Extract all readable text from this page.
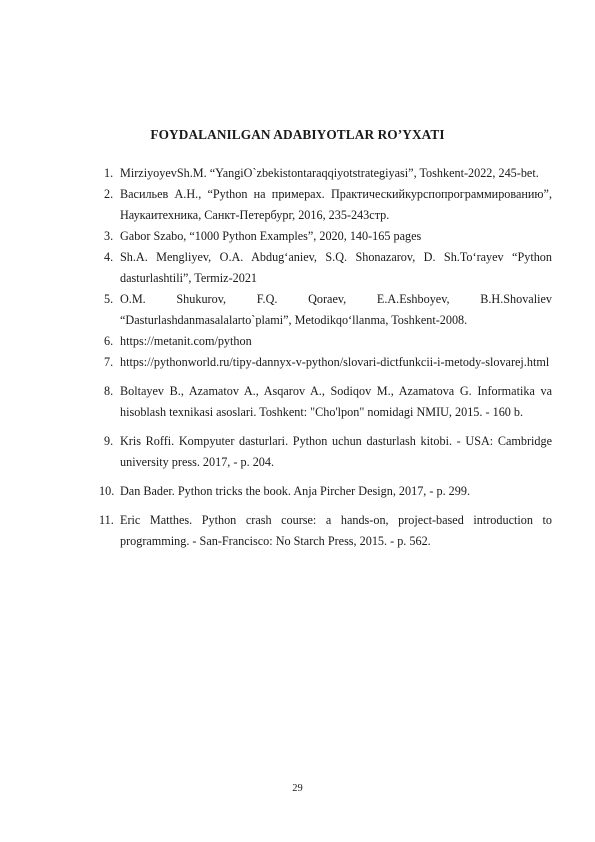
FOYDALANILGAN ADABIYOTLAR RO’YXATI
1. MirziyoyevSh.M. “YangiO`zbekistontaraqqiyotstrategiyasi”, Toshkent-2022, 245-bet.
2. Васильев А.Н., “Python на примерах. Практическийкурспопрограммированию”, Наукаитехника, Санкт-Петербург, 2016, 235-243стр.
3. Gabor Szabo, “1000 Python Examples”, 2020, 140-165 pages
4. Sh.A. Mengliyev, O.A. Abdug‘aniev, S.Q. Shonazarov, D. Sh.To‘rayev “Python dasturlashtili”, Termiz-2021
5. O.M. Shukurov, F.Q. Qoraev, E.A.Eshboyev, B.H.Shovaliev “Dasturlashdanmasalalarto`plami”, Metodikqo‘llanma, Toshkent-2008.
6. https://metanit.com/python
7. https://pythonworld.ru/tipy-dannyx-v-python/slovari-dictfunkcii-i-metody-slovarej.html
8. Boltayev B., Azamatov A., Asqarov A., Sodiqov M., Azamatova G. Informatika va hisoblash texnikasi asoslari. Toshkent: "Cho'lpon" nomidagi NMIU, 2015. - 160 b.
9. Kris Roffi. Kompyuter dasturlari. Python uchun dasturlash kitobi. - USA: Cambridge university press. 2017, - p. 204.
10. Dan Bader. Python tricks the book. Anja Pircher Design, 2017, - p. 299.
11. Eric Matthes. Python crash course: a hands-on, project-based introduction to programming. - San-Francisco: No Starch Press, 2015. - p. 562.
29
